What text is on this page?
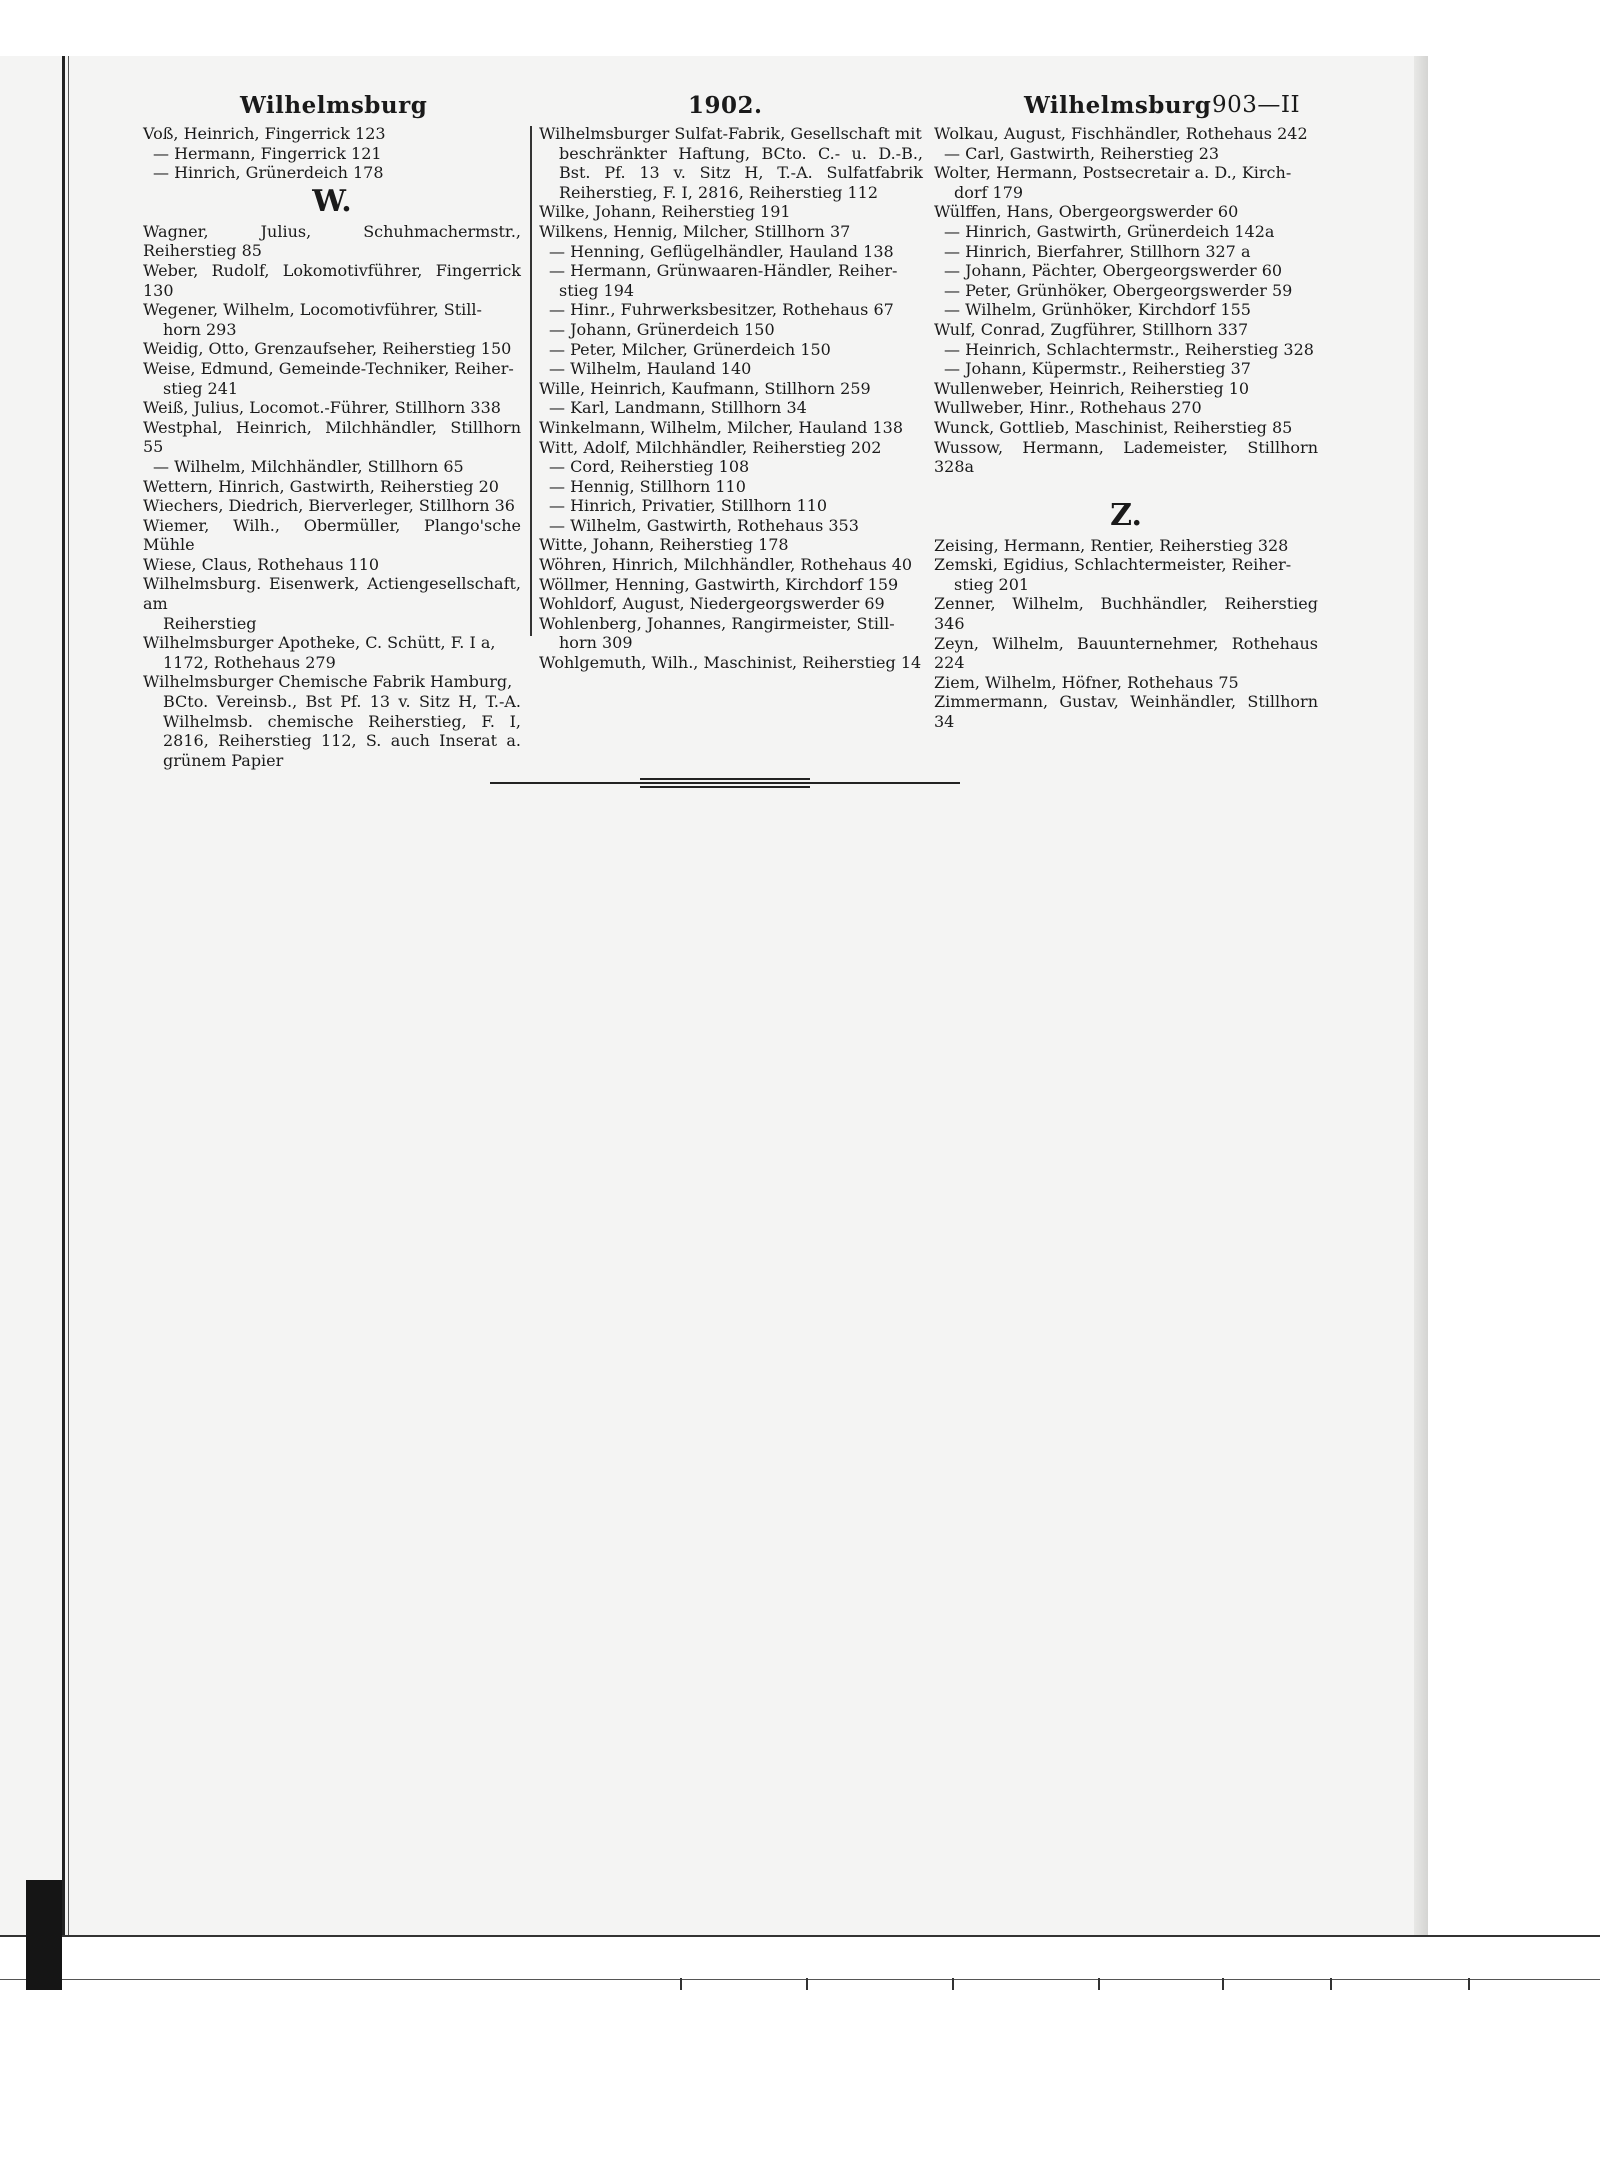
Wilhelmsburg	1902.	Wilhelmsburg 903—II
Voß, Heinrich, Fingerrick 123
— Hermann, Fingerrick 121
— Hinrich, Grünerdeich 178
W.
Wagner, Julius, Schuhmachermstr., Reiherstieg 85
Weber, Rudolf, Lokomotivführer, Fingerrick 130
Wegener, Wilhelm, Locomotivführer, Still-
horn 293
Weidig, Otto, Grenzaufseher, Reiherstieg 150
Weise, Edmund, Gemeinde-Techniker, Reiher-
stieg 241
Weiß, Julius, Locomot.-Führer, Stillhorn 338
Westphal, Heinrich, Milchhändler, Stillhorn 55
— Wilhelm, Milchhändler, Stillhorn 65
Wettern, Hinrich, Gastwirth, Reiherstieg 20
Wiechers, Diedrich, Bierverleger, Stillhorn 36
Wiemer, Wilh., Obermüller, Plango'sche Mühle
Wiese, Claus, Rothehaus 110
Wilhelmsburg. Eisenwerk, Actiengesellschaft, am
Reiherstieg
Wilhelmsburger Apotheke, C. Schütt, F. I a,
1172, Rothehaus 279
Wilhelmsburger Chemische Fabrik Hamburg,
BCto. Vereinsb., Bst Pf. 13 v. Sitz H, T.-A. Wilhelmsb. chemische Reiherstieg, F. I, 2816, Reiherstieg 112, S. auch Inserat a. grünem Papier
Wilhelmsburger Sulfat-Fabrik, Gesellschaft mit
beschränkter Haftung, BCto. C.- u. D.-B., Bst. Pf. 13 v. Sitz H, T.-A. Sulfatfabrik Reiherstieg, F. I, 2816, Reiherstieg 112
Wilke, Johann, Reiherstieg 191
Wilkens, Hennig, Milcher, Stillhorn 37
— Henning, Geflügelhändler, Hauland 138
— Hermann, Grünwaaren-Händler, Reiher-
stieg 194
— Hinr., Fuhrwerksbesitzer, Rothehaus 67
— Johann, Grünerdeich 150
— Peter, Milcher, Grünerdeich 150
— Wilhelm, Hauland 140
Wille, Heinrich, Kaufmann, Stillhorn 259
— Karl, Landmann, Stillhorn 34
Winkelmann, Wilhelm, Milcher, Hauland 138
Witt, Adolf, Milchhändler, Reiherstieg 202
— Cord, Reiherstieg 108
— Hennig, Stillhorn 110
— Hinrich, Privatier, Stillhorn 110
— Wilhelm, Gastwirth, Rothehaus 353
Witte, Johann, Reiherstieg 178
Wöhren, Hinrich, Milchhändler, Rothehaus 40
Wöllmer, Henning, Gastwirth, Kirchdorf 159
Wohldorf, August, Niedergeorgswerder 69
Wohlenberg, Johannes, Rangirmeister, Still-
horn 309
Wohlgemuth, Wilh., Maschinist, Reiherstieg 14
Wolkau, August, Fischhändler, Rothehaus 242
— Carl, Gastwirth, Reiherstieg 23
Wolter, Hermann, Postsecretair a. D., Kirch-
dorf 179
Wülffen, Hans, Obergeorgswerder 60
— Hinrich, Gastwirth, Grünerdeich 142a
— Hinrich, Bierfahrer, Stillhorn 327 a
— Johann, Pächter, Obergeorgswerder 60
— Peter, Grünhöker, Obergeorgswerder 59
— Wilhelm, Grünhöker, Kirchdorf 155
Wulf, Conrad, Zugführer, Stillhorn 337
— Heinrich, Schlachtermstr., Reiherstieg 328
— Johann, Küpermstr., Reiherstieg 37
Wullenweber, Heinrich, Reiherstieg 10
Wullweber, Hinr., Rothehaus 270
Wunck, Gottlieb, Maschinist, Reiherstieg 85
Wussow, Hermann, Lademeister, Stillhorn 328a
Z.
Zeising, Hermann, Rentier, Reiherstieg 328
Zemski, Egidius, Schlachtermeister, Reiher-
stieg 201
Zenner, Wilhelm, Buchhändler, Reiherstieg 346
Zeyn, Wilhelm, Bauunternehmer, Rothehaus 224
Ziem, Wilhelm, Höfner, Rothehaus 75
Zimmermann, Gustav, Weinhändler, Stillhorn 34
